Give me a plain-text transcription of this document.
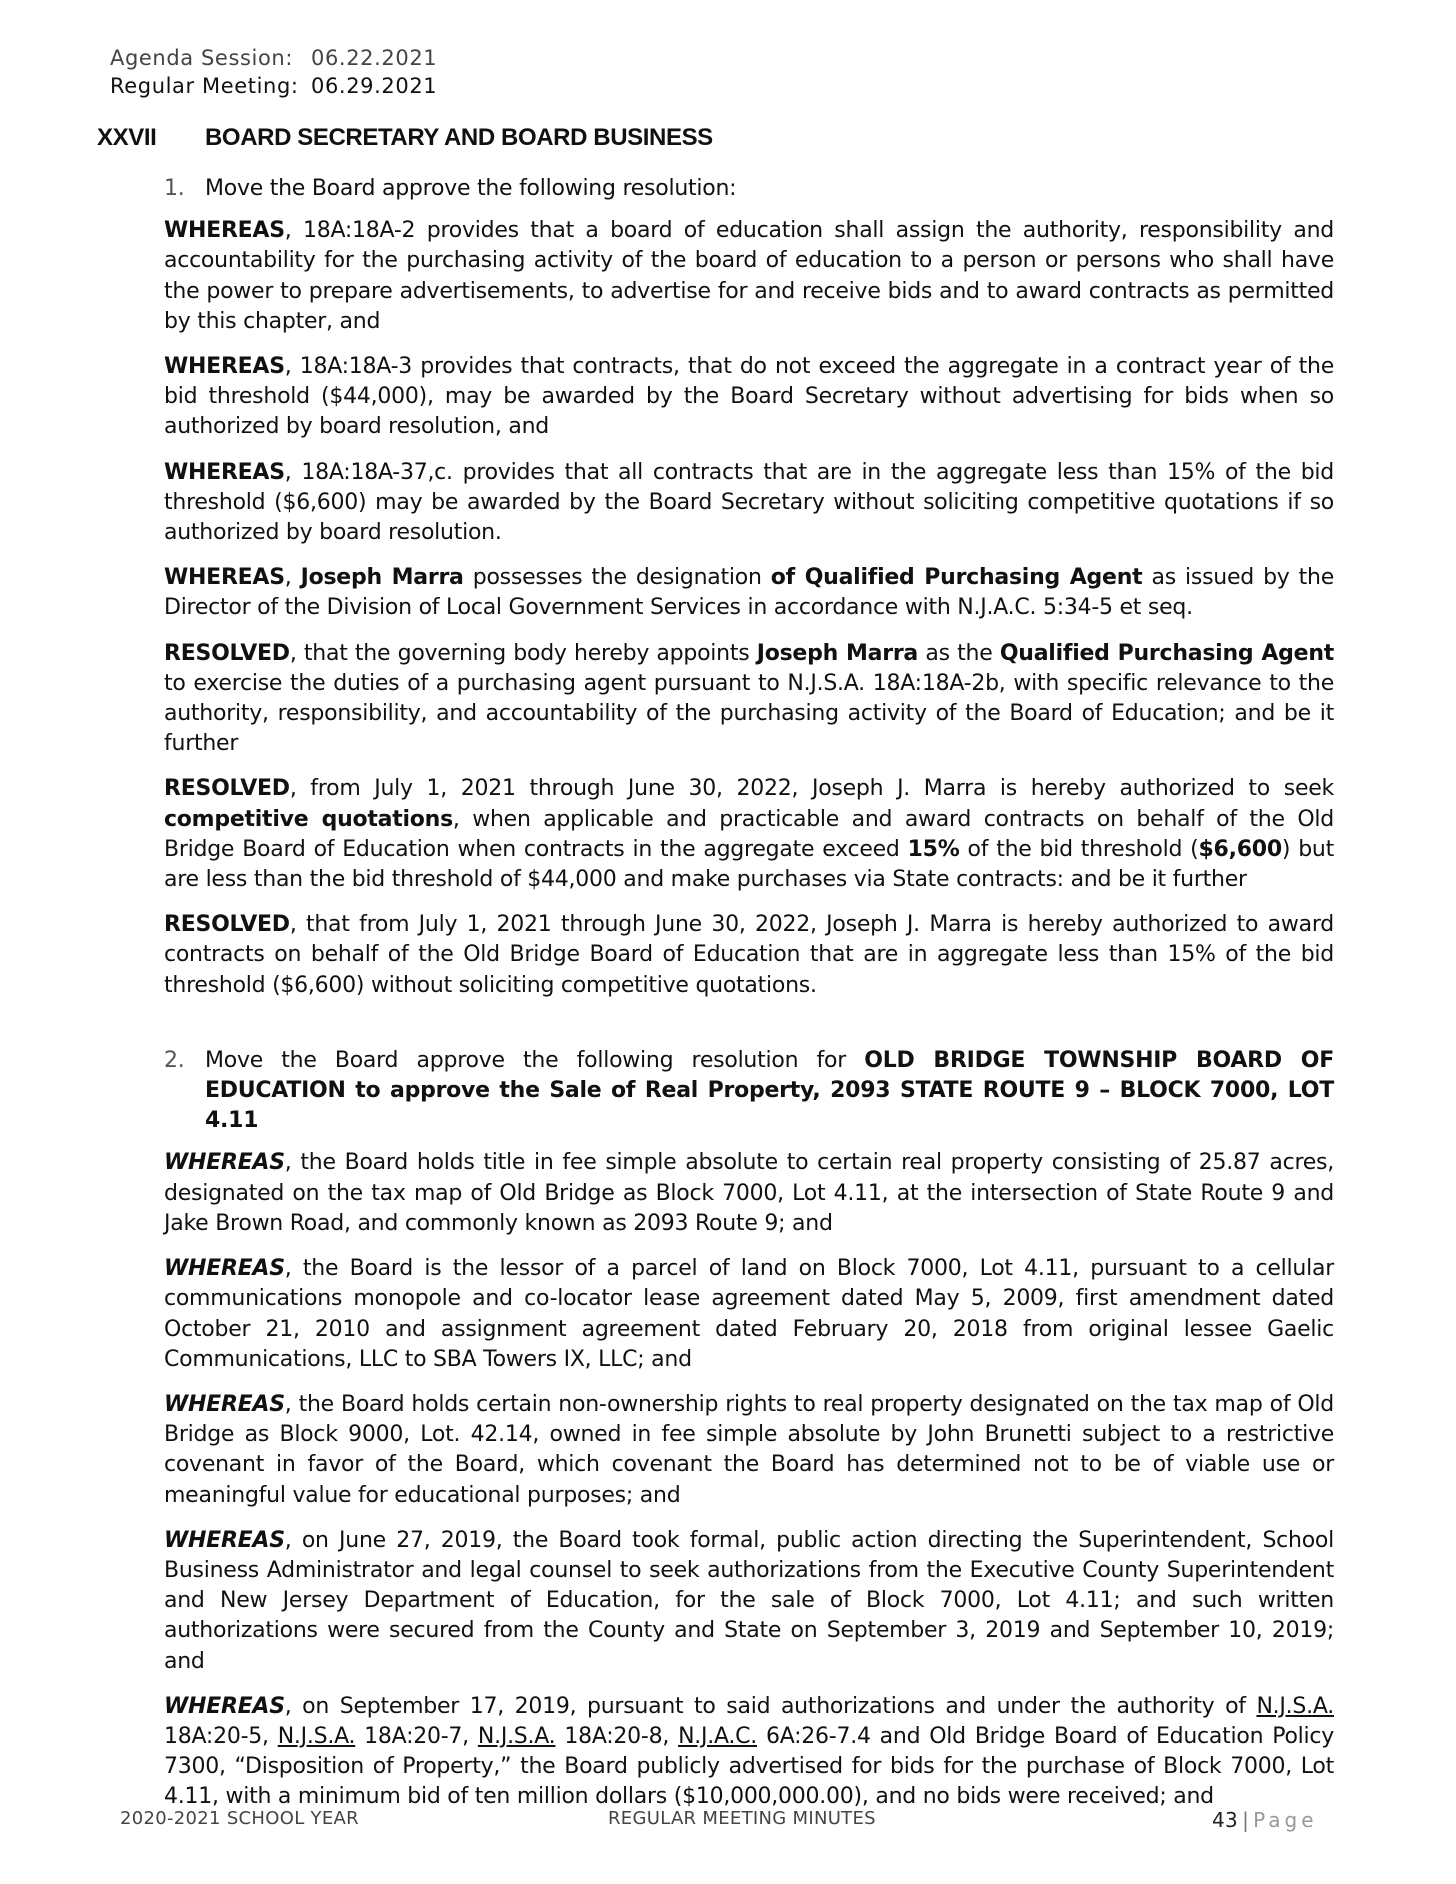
Agenda Session: 06.22.2021
Regular Meeting: 06.29.2021
XXVII BOARD SECRETARY AND BOARD BUSINESS
1. Move the Board approve the following resolution:

WHEREAS, 18A:18A-2 provides that a board of education shall assign the authority, responsibility and accountability for the purchasing activity of the board of education to a person or persons who shall have the power to prepare advertisements, to advertise for and receive bids and to award contracts as permitted by this chapter, and

WHEREAS, 18A:18A-3 provides that contracts, that do not exceed the aggregate in a contract year of the bid threshold ($44,000), may be awarded by the Board Secretary without advertising for bids when so authorized by board resolution, and

WHEREAS, 18A:18A-37,c. provides that all contracts that are in the aggregate less than 15% of the bid threshold ($6,600) may be awarded by the Board Secretary without soliciting competitive quotations if so authorized by board resolution.

WHEREAS, Joseph Marra possesses the designation of Qualified Purchasing Agent as issued by the Director of the Division of Local Government Services in accordance with N.J.A.C. 5:34-5 et seq.

RESOLVED, that the governing body hereby appoints Joseph Marra as the Qualified Purchasing Agent to exercise the duties of a purchasing agent pursuant to N.J.S.A. 18A:18A-2b, with specific relevance to the authority, responsibility, and accountability of the purchasing activity of the Board of Education; and be it further

RESOLVED, from July 1, 2021 through June 30, 2022, Joseph J. Marra is hereby authorized to seek competitive quotations, when applicable and practicable and award contracts on behalf of the Old Bridge Board of Education when contracts in the aggregate exceed 15% of the bid threshold ($6,600) but are less than the bid threshold of $44,000 and make purchases via State contracts: and be it further

RESOLVED, that from July 1, 2021 through June 30, 2022, Joseph J. Marra is hereby authorized to award contracts on behalf of the Old Bridge Board of Education that are in aggregate less than 15% of the bid threshold ($6,600) without soliciting competitive quotations.

2. Move the Board approve the following resolution for OLD BRIDGE TOWNSHIP BOARD OF EDUCATION to approve the Sale of Real Property, 2093 STATE ROUTE 9 – BLOCK 7000, LOT 4.11

WHEREAS, the Board holds title in fee simple absolute to certain real property consisting of 25.87 acres, designated on the tax map of Old Bridge as Block 7000, Lot 4.11, at the intersection of State Route 9 and Jake Brown Road, and commonly known as 2093 Route 9; and

WHEREAS, the Board is the lessor of a parcel of land on Block 7000, Lot 4.11, pursuant to a cellular communications monopole and co-locator lease agreement dated May 5, 2009, first amendment dated October 21, 2010 and assignment agreement dated February 20, 2018 from original lessee Gaelic Communications, LLC to SBA Towers IX, LLC; and

WHEREAS, the Board holds certain non-ownership rights to real property designated on the tax map of Old Bridge as Block 9000, Lot. 42.14, owned in fee simple absolute by John Brunetti subject to a restrictive covenant in favor of the Board, which covenant the Board has determined not to be of viable use or meaningful value for educational purposes; and

WHEREAS, on June 27, 2019, the Board took formal, public action directing the Superintendent, School Business Administrator and legal counsel to seek authorizations from the Executive County Superintendent and New Jersey Department of Education, for the sale of Block 7000, Lot 4.11; and such written authorizations were secured from the County and State on September 3, 2019 and September 10, 2019; and

WHEREAS, on September 17, 2019, pursuant to said authorizations and under the authority of N.J.S.A. 18A:20-5, N.J.S.A. 18A:20-7, N.J.S.A. 18A:20-8, N.J.A.C. 6A:26-7.4 and Old Bridge Board of Education Policy 7300, “Disposition of Property,” the Board publicly advertised for bids for the purchase of Block 7000, Lot 4.11, with a minimum bid of ten million dollars ($10,000,000.00), and no bids were received; and

2020-2021 SCHOOL YEAR	REGULAR MEETING MINUTES	43 | Page
